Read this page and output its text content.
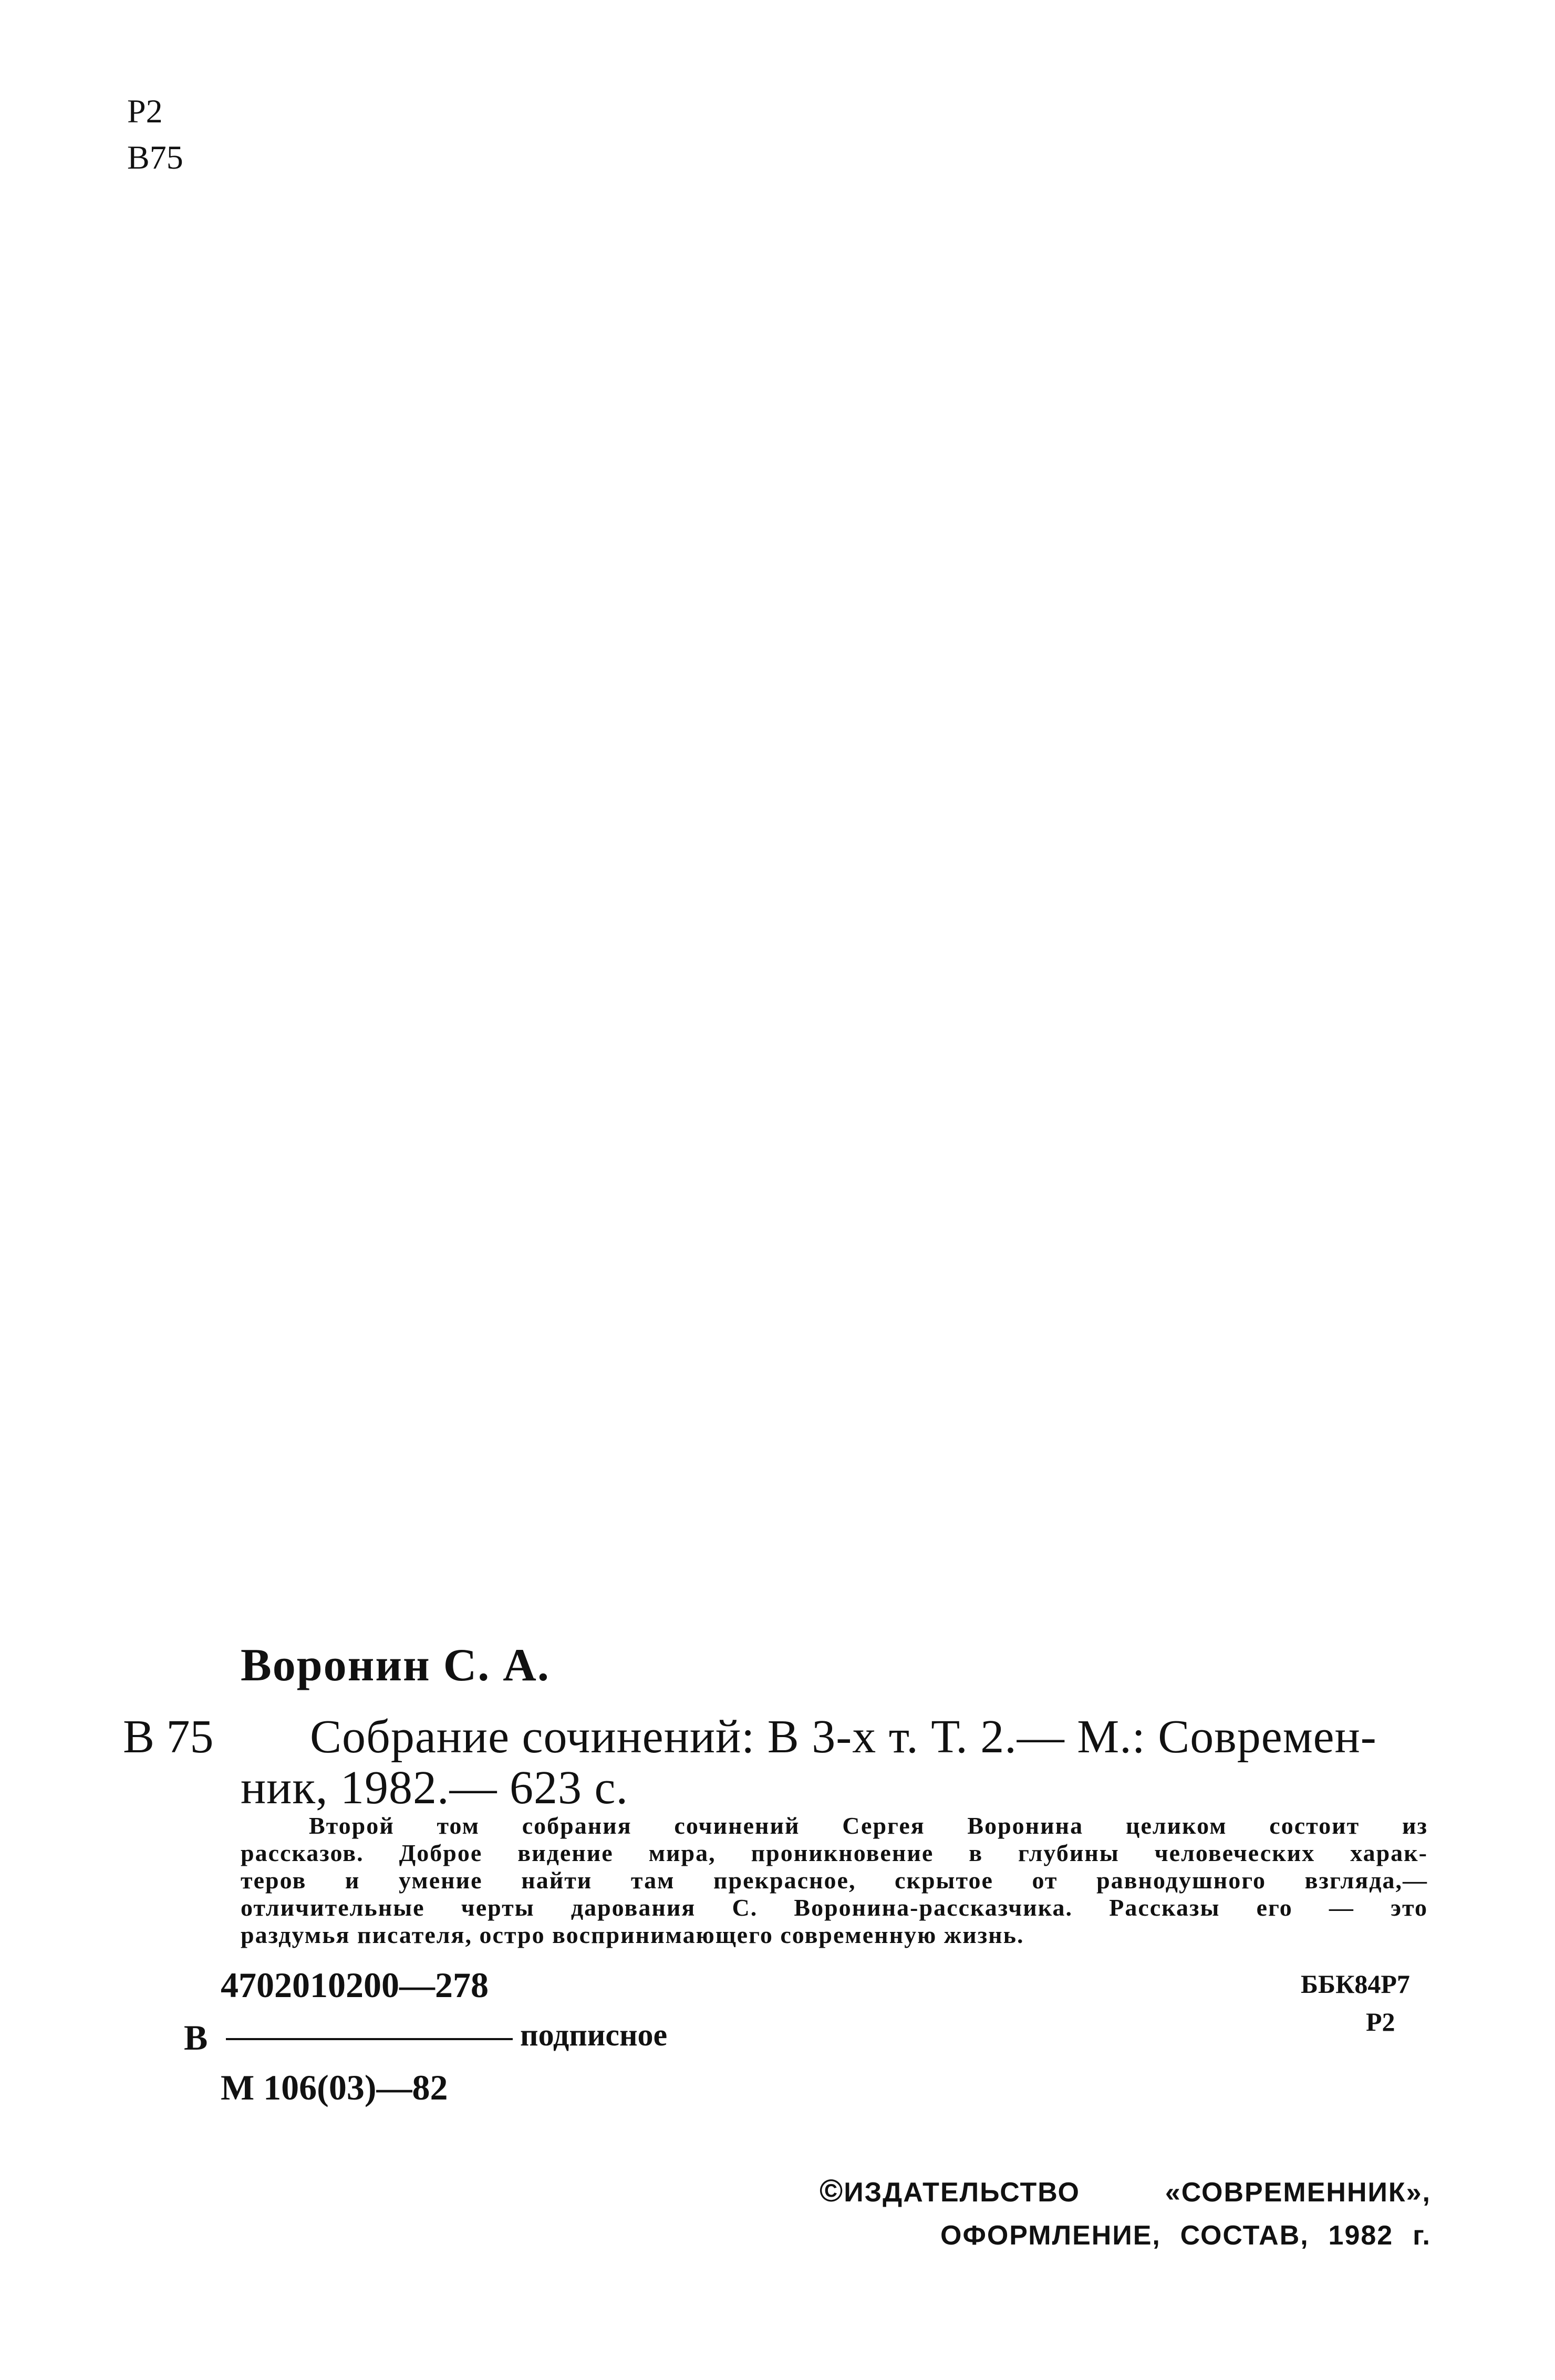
Р2
В75
Воронин С. А.
В 75 Собрание сочинений: В 3-х т. Т. 2.— М.: Современ-
ник, 1982.— 623 с.
Второй том собрания сочинений Сергея Воронина целиком состоит из
рассказов. Доброе видение мира, проникновение в глубины человеческих харак-
теров и умение найти там прекрасное, скрытое от равнодушного взгляда,—
отличительные черты дарования С. Воронина-рассказчика. Рассказы его — это
раздумья писателя, остро воспринимающего современную жизнь.
4702010200—278
В	подписное
М 106(03)—82
ББК84Р7
Р2
©ИЗДАТЕЛЬСТВО «СОВРЕМЕННИК»,
ОФОРМЛЕНИЕ, СОСТАВ, 1982 г.
